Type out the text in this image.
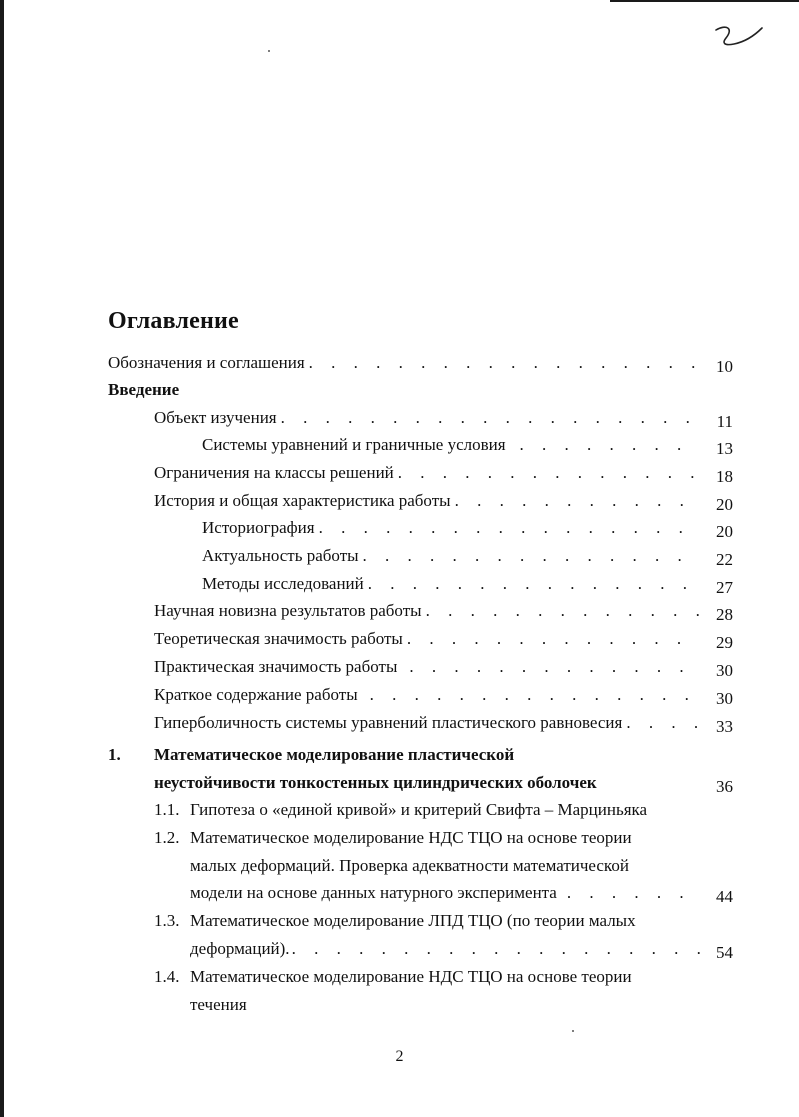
Оглавление
Обозначения и соглашения . . .	10
Введение
Объект изучения . . .	11
Системы уравнений и граничные условия . . .	13
Ограничения на классы решений . . .	18
История и общая характеристика работы . . .	20
Историография . . .	20
Актуальность работы . . .	22
Методы исследований . . .	27
Научная новизна результатов работы . . .	28
Теоретическая значимость работы . . .	29
Практическая значимость работы . . .	30
Краткое содержание работы . . .	30
Гиперболичность системы уравнений пластического равновесия . . .	33
1. Математическое моделирование пластической
неустойчивости тонкостенных цилиндрических оболочек	36
1.1. Гипотеза о «единой кривой» и критерий Свифта – Марциньяка
1.2. Математическое моделирование НДС ТЦО на основе теории
малых деформаций. Проверка адекватности математической
модели на основе данных натурного эксперимента . . .	44
1.3. Математическое моделирование ЛПД ТЦО (по теории малых
деформаций). . . .	54
1.4. Математическое моделирование НДС ТЦО на основе теории
течения
2
